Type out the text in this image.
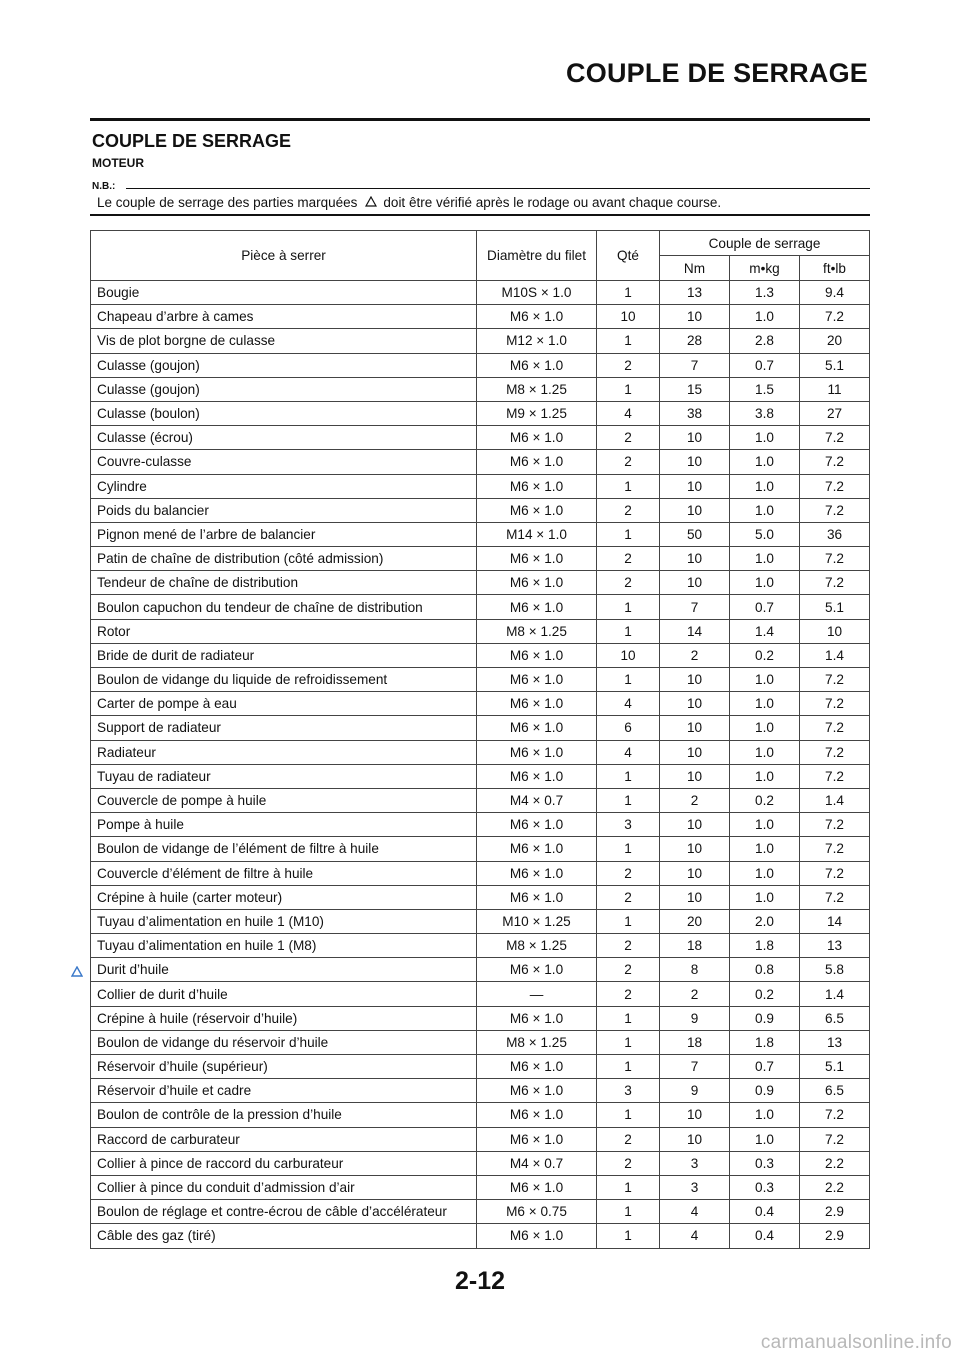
COUPLE DE SERRAGE
COUPLE DE SERRAGE
MOTEUR
N.B.:
Le couple de serrage des parties marquées doit être vérifié après le rodage ou avant chaque course.
Pièce à serrer	Diamètre du filet	Qté	Couple de serrage		
			Nm	m•kg	ft•lb
Bougie	M10S × 1.0	1	13	1.3	9.4
Chapeau d’arbre à cames	M6 × 1.0	10	10	1.0	7.2
Vis de plot borgne de culasse	M12 × 1.0	1	28	2.8	20
Culasse (goujon)	M6 × 1.0	2	7	0.7	5.1
Culasse (goujon)	M8 × 1.25	1	15	1.5	11
Culasse (boulon)	M9 × 1.25	4	38	3.8	27
Culasse (écrou)	M6 × 1.0	2	10	1.0	7.2
Couvre-culasse	M6 × 1.0	2	10	1.0	7.2
Cylindre	M6 × 1.0	1	10	1.0	7.2
Poids du balancier	M6 × 1.0	2	10	1.0	7.2
Pignon mené de l’arbre de balancier	M14 × 1.0	1	50	5.0	36
Patin de chaîne de distribution (côté admission)	M6 × 1.0	2	10	1.0	7.2
Tendeur de chaîne de distribution	M6 × 1.0	2	10	1.0	7.2
Boulon capuchon du tendeur de chaîne de distribution	M6 × 1.0	1	7	0.7	5.1
Rotor	M8 × 1.25	1	14	1.4	10
Bride de durit de radiateur	M6 × 1.0	10	2	0.2	1.4
Boulon de vidange du liquide de refroidissement	M6 × 1.0	1	10	1.0	7.2
Carter de pompe à eau	M6 × 1.0	4	10	1.0	7.2
Support de radiateur	M6 × 1.0	6	10	1.0	7.2
Radiateur	M6 × 1.0	4	10	1.0	7.2
Tuyau de radiateur	M6 × 1.0	1	10	1.0	7.2
Couvercle de pompe à huile	M4 × 0.7	1	2	0.2	1.4
Pompe à huile	M6 × 1.0	3	10	1.0	7.2
Boulon de vidange de l’élément de filtre à huile	M6 × 1.0	1	10	1.0	7.2
Couvercle d’élément de filtre à huile	M6 × 1.0	2	10	1.0	7.2
Crépine à huile (carter moteur)	M6 × 1.0	2	10	1.0	7.2
Tuyau d’alimentation en huile 1 (M10)	M10 × 1.25	1	20	2.0	14
Tuyau d’alimentation en huile 1 (M8)	M8 × 1.25	2	18	1.8	13
Durit d’huile	M6 × 1.0	2	8	0.8	5.8
Collier de durit d’huile	—	2	2	0.2	1.4
Crépine à huile (réservoir d’huile)	M6 × 1.0	1	9	0.9	6.5
Boulon de vidange du réservoir d’huile	M8 × 1.25	1	18	1.8	13
Réservoir d’huile (supérieur)	M6 × 1.0	1	7	0.7	5.1
Réservoir d’huile et cadre	M6 × 1.0	3	9	0.9	6.5
Boulon de contrôle de la pression d’huile	M6 × 1.0	1	10	1.0	7.2
Raccord de carburateur	M6 × 1.0	2	10	1.0	7.2
Collier à pince de raccord du carburateur	M4 × 0.7	2	3	0.3	2.2
Collier à pince du conduit d’admission d’air	M6 × 1.0	1	3	0.3	2.2
Boulon de réglage et contre-écrou de câble d’accélérateur	M6 × 0.75	1	4	0.4	2.9
Câble des gaz (tiré)	M6 × 1.0	1	4	0.4	2.9
2-12
carmanualsonline.info
